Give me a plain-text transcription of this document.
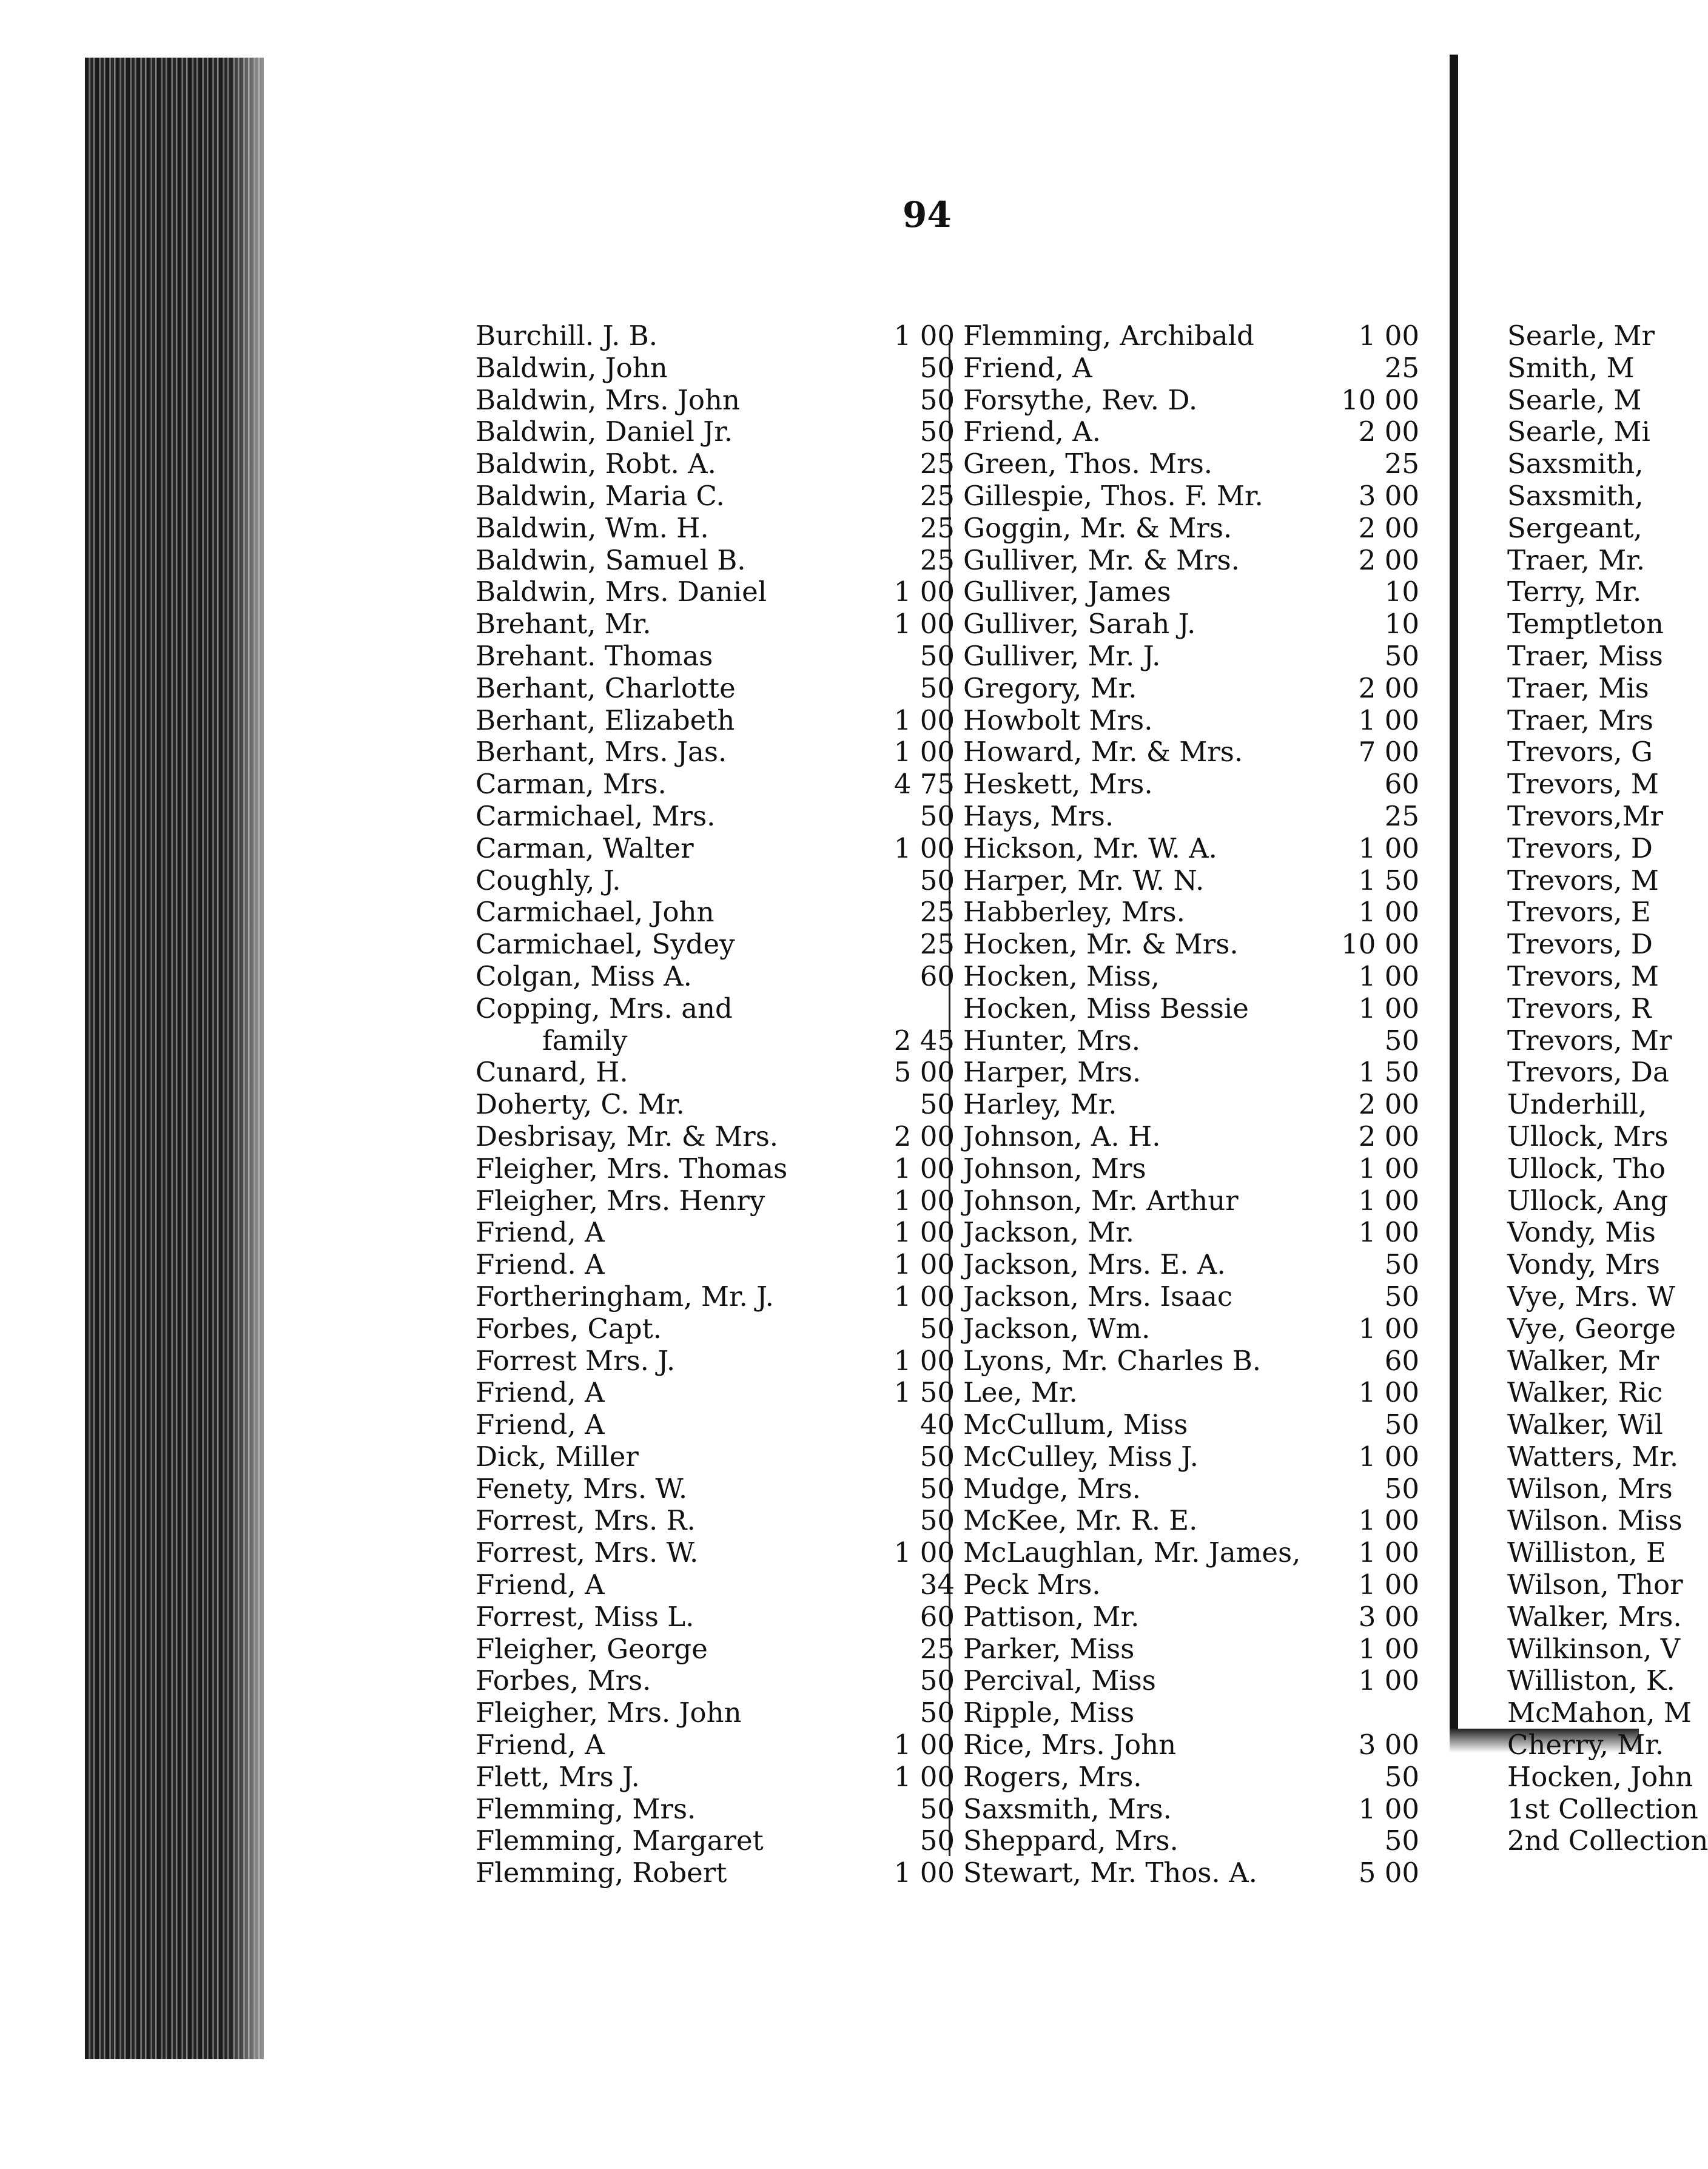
94
Burchill. J. B.	1 00
Baldwin, John	50
Baldwin, Mrs. John	50
Baldwin, Daniel Jr.	50
Baldwin, Robt. A.	25
Baldwin, Maria C.	25
Baldwin, Wm. H.	25
Baldwin, Samuel B.	25
Baldwin, Mrs. Daniel	1 00
Brehant, Mr.	1 00
Brehant. Thomas	50
Berhant, Charlotte	50
Berhant, Elizabeth	1 00
Berhant, Mrs. Jas.	1 00
Carman, Mrs.	4 75
Carmichael, Mrs.	50
Carman, Walter	1 00
Coughly, J.	50
Carmichael, John	25
Carmichael, Sydey	25
Colgan, Miss A.	60
Copping, Mrs. and
family	2 45
Cunard, H.	5 00
Doherty, C. Mr.	50
Desbrisay, Mr. & Mrs.	2 00
Fleigher, Mrs. Thomas	1 00
Fleigher, Mrs. Henry	1 00
Friend, A	1 00
Friend. A	1 00
Fortheringham, Mr. J.	1 00
Forbes, Capt.	50
Forrest Mrs. J.	1 00
Friend, A	1 50
Friend, A	40
Dick, Miller	50
Fenety, Mrs. W.	50
Forrest, Mrs. R.	50
Forrest, Mrs. W.	1 00
Friend, A	34
Forrest, Miss L.	60
Fleigher, George	25
Forbes, Mrs.	50
Fleigher, Mrs. John	50
Friend, A	1 00
Flett, Mrs J.	1 00
Flemming, Mrs.	50
Flemming, Margaret	50
Flemming, Robert	1 00
Flemming, Archibald	1 00
Friend, A	25
Forsythe, Rev. D.	10 00
Friend, A.	2 00
Green, Thos. Mrs.	25
Gillespie, Thos. F. Mr.	3 00
Goggin, Mr. & Mrs.	2 00
Gulliver, Mr. & Mrs.	2 00
Gulliver, James	10
Gulliver, Sarah J.	10
Gulliver, Mr. J.	50
Gregory, Mr.	2 00
Howbolt Mrs.	1 00
Howard, Mr. & Mrs.	7 00
Heskett, Mrs.	60
Hays, Mrs.	25
Hickson, Mr. W. A.	1 00
Harper, Mr. W. N.	1 50
Habberley, Mrs.	1 00
Hocken, Mr. & Mrs.	10 00
Hocken, Miss,	1 00
Hocken, Miss Bessie	1 00
Hunter, Mrs.	50
Harper, Mrs.	1 50
Harley, Mr.	2 00
Johnson, A. H.	2 00
Johnson, Mrs	1 00
Johnson, Mr. Arthur	1 00
Jackson, Mr.	1 00
Jackson, Mrs. E. A.	50
Jackson, Mrs. Isaac	50
Jackson, Wm.	1 00
Lyons, Mr. Charles B.	60
Lee, Mr.	1 00
McCullum, Miss	50
McCulley, Miss J.	1 00
Mudge, Mrs.	50
McKee, Mr. R. E.	1 00
McLaughlan, Mr. James, 1 00
Peck Mrs.	1 00
Pattison, Mr.	3 00
Parker, Miss	1 00
Percival, Miss	1 00
Ripple, Miss
Rice, Mrs. John	3 00
Rogers, Mrs.	50
Saxsmith, Mrs.	1 00
Sheppard, Mrs.	50
Stewart, Mr. Thos. A.	5 00
Searle, Mr
Smith, M
Searle, M
Searle, Mi
Saxsmith,
Saxsmith,
Sergeant,
Traer, Mr.
Terry, Mr.
Temptleton
Traer, Miss
Traer, Mis
Traer, Mrs
Trevors, G
Trevors, M
Trevors,Mr
Trevors, D
Trevors, M
Trevors, E
Trevors, D
Trevors, M
Trevors, R
Trevors, Mr
Trevors, Da
Underhill,
Ullock, Mrs
Ullock, Tho
Ullock, Ang
Vondy, Mis
Vondy, Mrs
Vye, Mrs. W
Vye, George
Walker, Mr
Walker, Ric
Walker, Wil
Watters, Mr.
Wilson, Mrs
Wilson. Miss
Williston, E
Wilson, Thor
Walker, Mrs.
Wilkinson, V
Williston, K.
McMahon, M
Cherry, Mr.
Hocken, John
1st Collection
2nd Collection
